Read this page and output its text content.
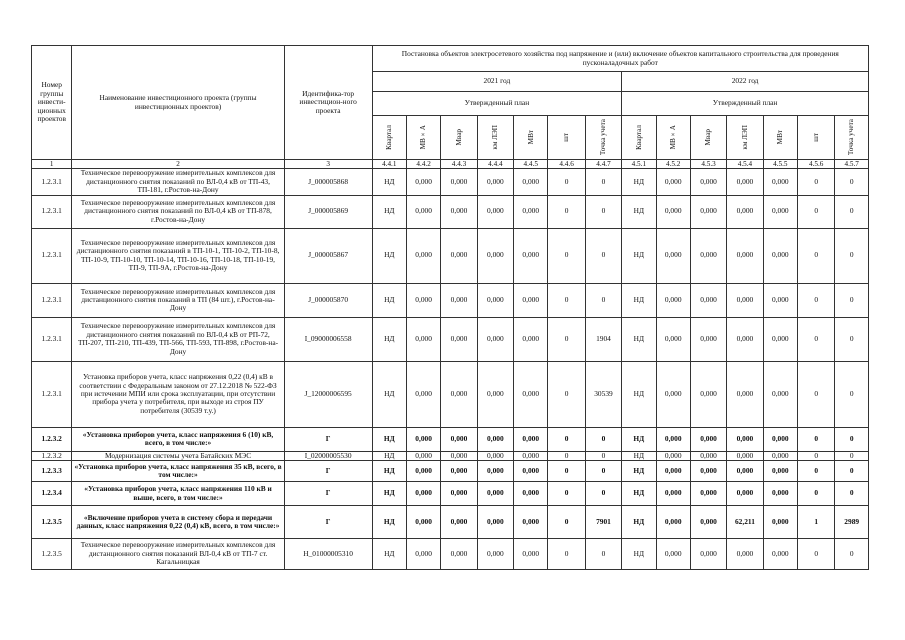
Номер группы инвести-ционных проектов	Наименование инвестиционного проекта (группы инвестиционных проектов)	Идентифика-тор инвестицион-ного проекта	Постановка объектов электросетевого хозяйства под напряжение и (или) включение объектов капитального строительства для проведения пусконаладочных работ													
			2021 год							2022 год						
			Утвержденный план							Утвержденный план						

			Квартал	МВ×А	Мвар	км ЛЭП	МВт	шт	Точка учета	Квартал	МВ×А	Мвар	км ЛЭП	МВт	шт	Точка учета

1	2	3	4.4.1	4.4.2	4.4.3	4.4.4	4.4.5	4.4.6	4.4.7	4.5.1	4.5.2	4.5.3	4.5.4	4.5.5	4.5.6	4.5.7
1.2.3.1	Техническое перевооружение измерительных комплексов для дистанционного снятия показаний по ВЛ-0,4 кВ от ТП-43, ТП-181, г.Ростов-на-Дону	J_000005868	НД	0,000	0,000	0,000	0,000	0	0	НД	0,000	0,000	0,000	0,000	0	0
1.2.3.1	Техническое перевооружение измерительных комплексов для дистанционного снятия показаний по ВЛ-0,4 кВ от ТП-878, г.Ростов-на-Дону	J_000005869	НД	0,000	0,000	0,000	0,000	0	0	НД	0,000	0,000	0,000	0,000	0	0
1.2.3.1	Техническое перевооружение измерительных комплексов для дистанционного снятия показаний в ТП-10-1, ТП-10-2, ТП-10-8, ТП-10-9, ТП-10-10, ТП-10-14, ТП-10-16, ТП-10-18, ТП-10-19, ТП-9, ТП-9А, г.Ростов-на-Дону	J_000005867	НД	0,000	0,000	0,000	0,000	0	0	НД	0,000	0,000	0,000	0,000	0	0
1.2.3.1	Техническое перевооружение измерительных комплексов для дистанционного снятия показаний в ТП (84 шт.), г.Ростов-на-Дону	J_000005870	НД	0,000	0,000	0,000	0,000	0	0	НД	0,000	0,000	0,000	0,000	0	0
1.2.3.1	Техническое перевооружение измерительных комплексов для дистанционного снятия показаний по ВЛ-0,4 кВ от РП-72, ТП-207, ТП-210, ТП-439, ТП-566, ТП-593, ТП-898, г.Ростов-на-Дону	I_09000006558	НД	0,000	0,000	0,000	0,000	0	1904	НД	0,000	0,000	0,000	0,000	0	0
1.2.3.1	Установка приборов учета, класс напряжения 0,22 (0,4) кВ в соответствии с Федеральным законом от 27.12.2018 № 522-ФЗ при истечении МПИ или срока эксплуатации, при отсутствии прибора учета у потребителя, при выходе из строя ПУ потребителя (30539 т.у.)	J_12000006595	НД	0,000	0,000	0,000	0,000	0	30539	НД	0,000	0,000	0,000	0,000	0	0
1.2.3.2	«Установка приборов учета, класс напряжения 6 (10) кВ, всего, в том числе:»	Г	НД	0,000	0,000	0,000	0,000	0	0	НД	0,000	0,000	0,000	0,000	0	0
1.2.3.2	Модернизация системы учета Батайских МЭС	I_02000005530	НД	0,000	0,000	0,000	0,000	0	0	НД	0,000	0,000	0,000	0,000	0	0
1.2.3.3	«Установка приборов учета, класс напряжения 35 кВ, всего, в том числе:»	Г	НД	0,000	0,000	0,000	0,000	0	0	НД	0,000	0,000	0,000	0,000	0	0
1.2.3.4	«Установка приборов учета, класс напряжения 110 кВ и выше, всего, в том числе:»	Г	НД	0,000	0,000	0,000	0,000	0	0	НД	0,000	0,000	0,000	0,000	0	0
1.2.3.5	«Включение приборов учета в систему сбора и передачи данных, класс напряжения 0,22 (0,4) кВ, всего, в том числе:»	Г	НД	0,000	0,000	0,000	0,000	0	7901	НД	0,000	0,000	62,211	0,000	1	2989
1.2.3.5	Техническое перевооружение измерительных комплексов для дистанционного снятия показаний ВЛ-0,4 кВ от ТП-7 ст. Кагальницкая	H_01000005310	НД	0,000	0,000	0,000	0,000	0	0	НД	0,000	0,000	0,000	0,000	0	0
